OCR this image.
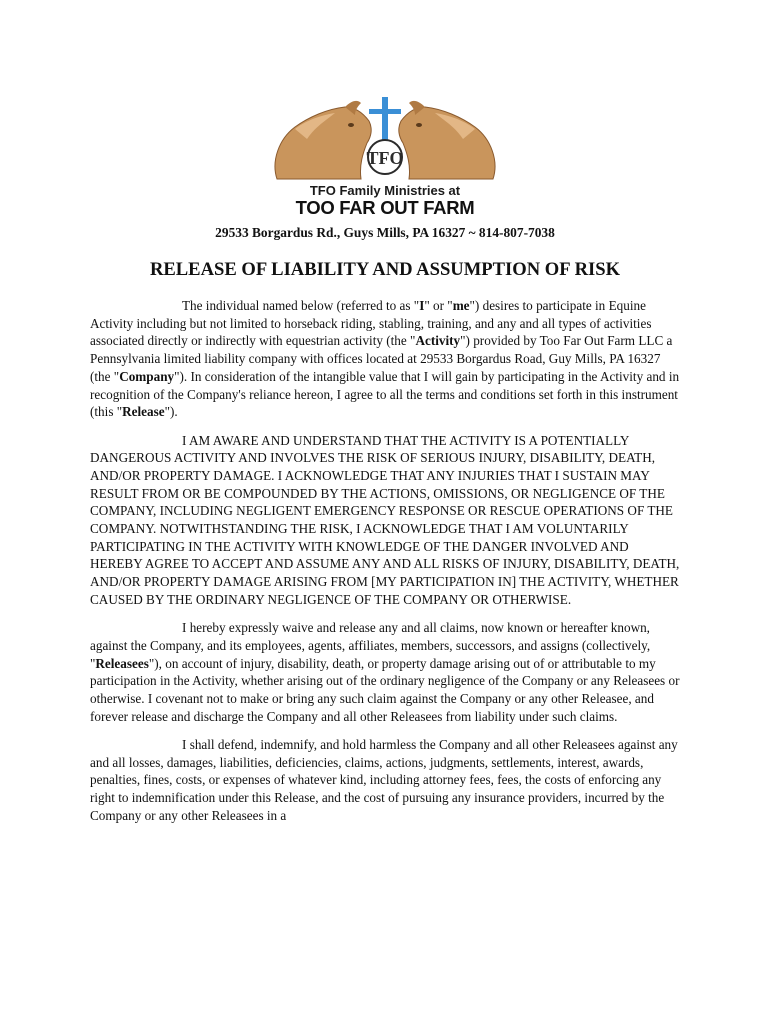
TFO
TFO Family Ministries at
TOO FAR OUT FARM
29533 Borgardus Rd., Guys Mills, PA 16327 ~ 814-807-7038
RELEASE OF LIABILITY AND ASSUMPTION OF RISK

The individual named below (referred to as "I" or "me") desires to participate in Equine Activity including but not limited to horseback riding, stabling, training, and any and all types of activities associated directly or indirectly with equestrian activity (the "Activity") provided by Too Far Out Farm LLC a Pennsylvania limited liability company with offices located at 29533 Borgardus Road, Guy Mills, PA 16327 (the "Company"). In consideration of the intangible value that I will gain by participating in the Activity and in recognition of the Company's reliance hereon, I agree to all the terms and conditions set forth in this instrument (this "Release").

I AM AWARE AND UNDERSTAND THAT THE ACTIVITY IS A POTENTIALLY DANGEROUS ACTIVITY AND INVOLVES THE RISK OF SERIOUS INJURY, DISABILITY, DEATH, AND/OR PROPERTY DAMAGE. I ACKNOWLEDGE THAT ANY INJURIES THAT I SUSTAIN MAY RESULT FROM OR BE COMPOUNDED BY THE ACTIONS, OMISSIONS, OR NEGLIGENCE OF THE COMPANY, INCLUDING NEGLIGENT EMERGENCY RESPONSE OR RESCUE OPERATIONS OF THE COMPANY. NOTWITHSTANDING THE RISK, I ACKNOWLEDGE THAT I AM VOLUNTARILY PARTICIPATING IN THE ACTIVITY WITH KNOWLEDGE OF THE DANGER INVOLVED AND HEREBY AGREE TO ACCEPT AND ASSUME ANY AND ALL RISKS OF INJURY, DISABILITY, DEATH, AND/OR PROPERTY DAMAGE ARISING FROM [MY PARTICIPATION IN] THE ACTIVITY, WHETHER CAUSED BY THE ORDINARY NEGLIGENCE OF THE COMPANY OR OTHERWISE.

I hereby expressly waive and release any and all claims, now known or hereafter known, against the Company, and its employees, agents, affiliates, members, successors, and assigns (collectively, "Releasees"), on account of injury, disability, death, or property damage arising out of or attributable to my participation in the Activity, whether arising out of the ordinary negligence of the Company or any Releasees or otherwise. I covenant not to make or bring any such claim against the Company or any other Releasee, and forever release and discharge the Company and all other Releasees from liability under such claims.

I shall defend, indemnify, and hold harmless the Company and all other Releasees against any and all losses, damages, liabilities, deficiencies, claims, actions, judgments, settlements, interest, awards, penalties, fines, costs, or expenses of whatever kind, including attorney fees, fees, the costs of enforcing any right to indemnification under this Release, and the cost of pursuing any insurance providers, incurred by the Company or any other Releasees in a
